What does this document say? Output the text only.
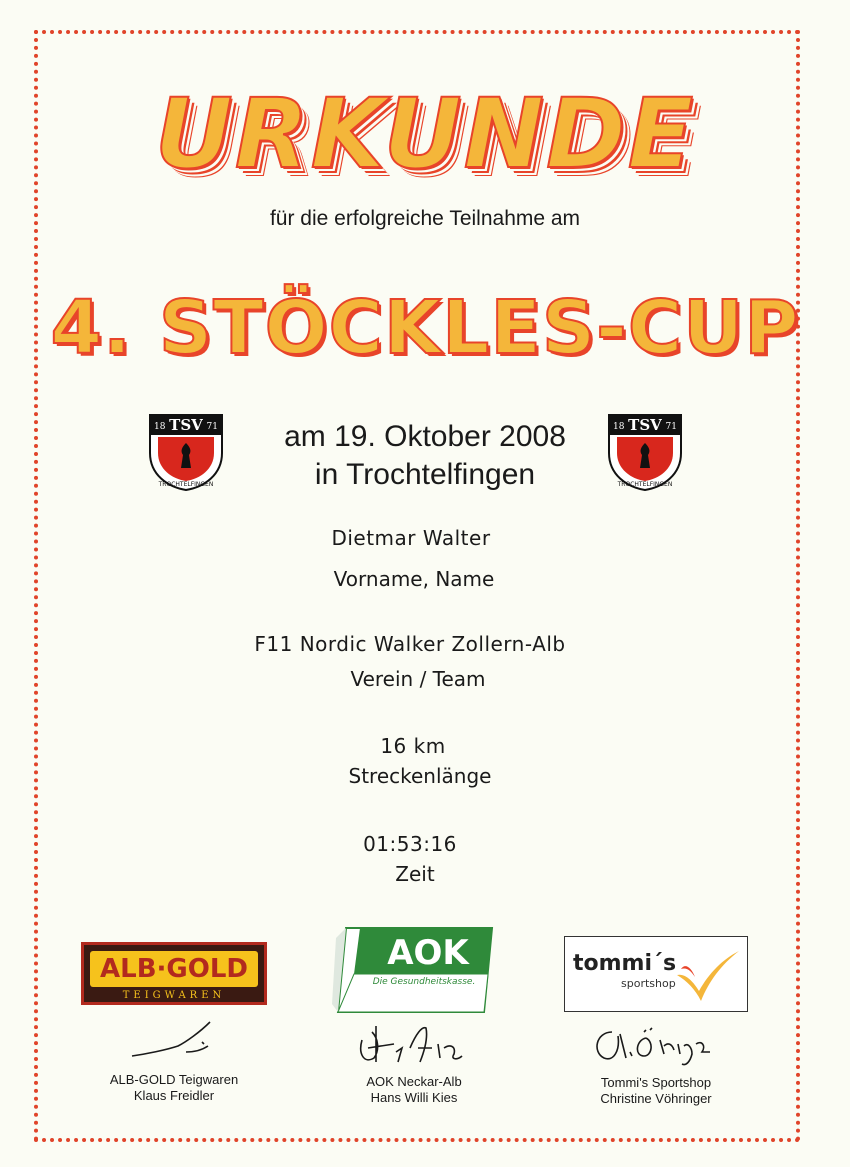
URKUNDE
für die erfolgreiche Teilnahme am
4. STÖCKLES-CUP
18 TSV 71
TROCHTELFINGEN
18 TSV 71
TROCHTELFINGEN
am 19. Oktober 2008
in Trochtelfingen
Dietmar Walter
Vorname, Name
F11 Nordic Walker Zollern-Alb
Verein / Team
16 km
Streckenlänge
01:53:16
Zeit
ALB·GOLD
TEIGWAREN
AOK
Die Gesundheitskasse.
tommi´s
sportshop
ALB-GOLD Teigwaren
Klaus Freidler
AOK Neckar-Alb
Hans Willi Kies
Tommi's Sportshop
Christine Vöhringer
